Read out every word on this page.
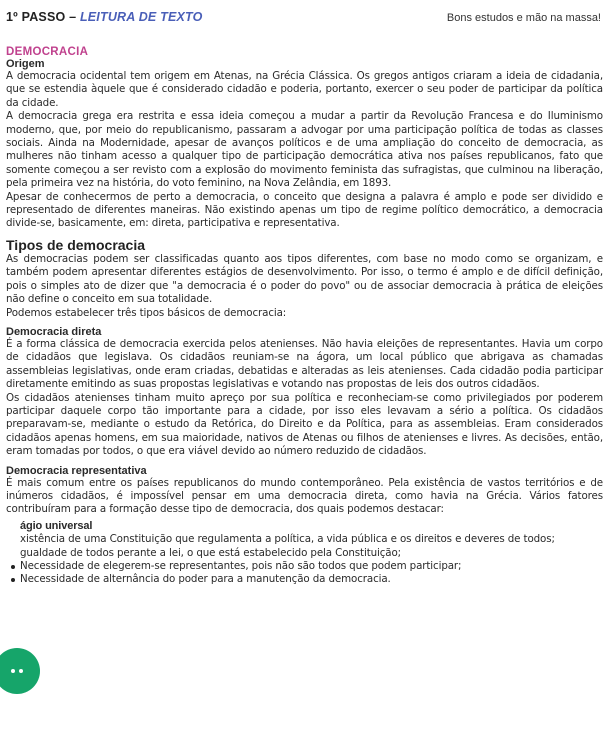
1º PASSO – LEITURA DE TEXTO	Bons estudos e mão na massa!
DEMOCRACIA
Origem

A democracia ocidental tem origem em Atenas, na Grécia Clássica. Os gregos antigos criaram a ideia de cidadania, que se estendia àquele que é considerado cidadão e poderia, portanto, exercer o seu poder de participar da política da cidade.

A democracia grega era restrita e essa ideia começou a mudar a partir da Revolução Francesa e do Iluminismo moderno, que, por meio do republicanismo, passaram a advogar por uma participação política de todas as classes sociais. Ainda na Modernidade, apesar de avanços políticos e de uma ampliação do conceito de democracia, as mulheres não tinham acesso a qualquer tipo de participação democrática ativa nos países republicanos, fato que somente começou a ser revisto com a explosão do movimento feminista das sufragistas, que culminou na liberação, pela primeira vez na história, do voto feminino, na Nova Zelândia, em 1893.

Apesar de conhecermos de perto a democracia, o conceito que designa a palavra é amplo e pode ser dividido e representado de diferentes maneiras. Não existindo apenas um tipo de regime político democrático, a democracia divide-se, basicamente, em: direta, participativa e representativa.

Tipos de democracia

As democracias podem ser classificadas quanto aos tipos diferentes, com base no modo como se organizam, e também podem apresentar diferentes estágios de desenvolvimento. Por isso, o termo é amplo e de difícil definição, pois o simples ato de dizer que "a democracia é o poder do povo" ou de associar democracia à prática de eleições não define o conceito em sua totalidade.

Podemos estabelecer três tipos básicos de democracia:

Democracia direta

É a forma clássica de democracia exercida pelos atenienses. Não havia eleições de representantes. Havia um corpo de cidadãos que legislava. Os cidadãos reuniam-se na ágora, um local público que abrigava as chamadas assembleias legislativas, onde eram criadas, debatidas e alteradas as leis atenienses. Cada cidadão podia participar diretamente emitindo as suas propostas legislativas e votando nas propostas de leis dos outros cidadãos.

Os cidadãos atenienses tinham muito apreço por sua política e reconheciam-se como privilegiados por poderem participar daquele corpo tão importante para a cidade, por isso eles levavam a sério a política. Os cidadãos preparavam-se, mediante o estudo da Retórica, do Direito e da Política, para as assembleias. Eram considerados cidadãos apenas homens, em sua maioridade, nativos de Atenas ou filhos de atenienses e livres. As decisões, então, eram tomadas por todos, o que era viável devido ao número reduzido de cidadãos.

Democracia representativa

É mais comum entre os países republicanos do mundo contemporâneo. Pela existência de vastos territórios e de inúmeros cidadãos, é impossível pensar em uma democracia direta, como havia na Grécia. Vários fatores contribuíram para a formação desse tipo de democracia, dos quais podemos destacar:

ágio universal
xistência de uma Constituição que regulamenta a política, a vida pública e os direitos e deveres de todos;
gualdade de todos perante a lei, o que está estabelecido pela Constituição;
Necessidade de elegerem-se representantes, pois não são todos que podem participar;
Necessidade de alternância do poder para a manutenção da democracia.
